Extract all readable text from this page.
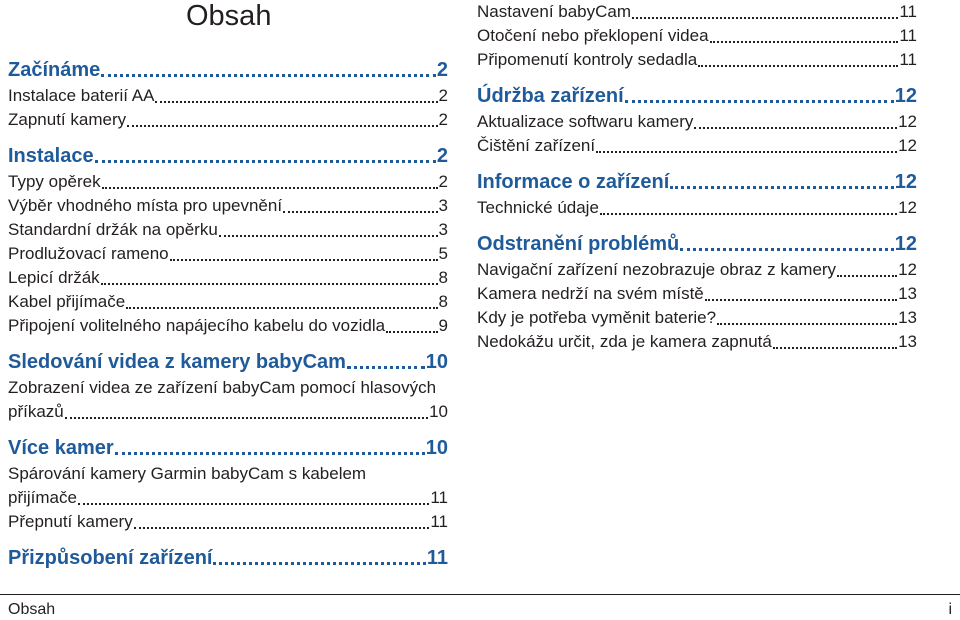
Obsah
Začínáme	2
Instalace baterií AA	2
Zapnutí kamery	2
Instalace	2
Typy opěrek	2
Výběr vhodného místa pro upevnění	3
Standardní držák na opěrku	3
Prodlužovací rameno	5
Lepicí držák	8
Kabel přijímače	8
Připojení volitelného napájecího kabelu do vozidla	9
Sledování videa z kamery babyCam	10
Zobrazení videa ze zařízení babyCam pomocí hlasových
příkazů	10
Více kamer	10
Spárování kamery Garmin babyCam s kabelem
přijímače	11
Přepnutí kamery	11
Přizpůsobení zařízení	11
Nastavení babyCam	11
Otočení nebo překlopení videa	11
Připomenutí kontroly sedadla	11
Údržba zařízení	12
Aktualizace softwaru kamery	12
Čištění zařízení	12
Informace o zařízení	12
Technické údaje	12
Odstranění problémů	12
Navigační zařízení nezobrazuje obraz z kamery	12
Kamera nedrží na svém místě	13
Kdy je potřeba vyměnit baterie?	13
Nedokážu určit, zda je kamera zapnutá	13
Obsah	i
